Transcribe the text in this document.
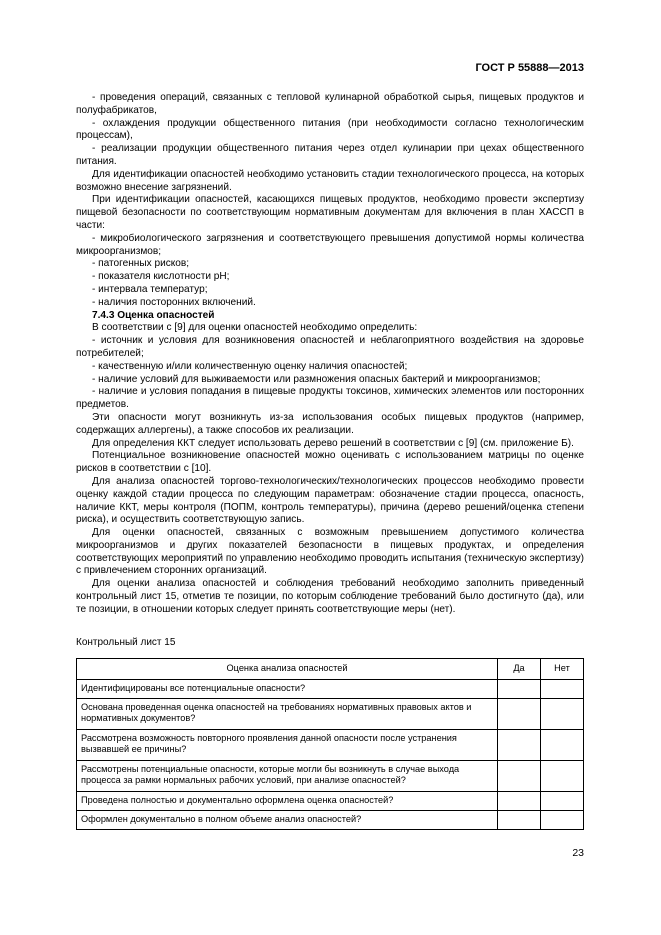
ГОСТ Р 55888—2013

- проведения операций, связанных с тепловой кулинарной обработкой сырья, пищевых продуктов и полуфабрикатов,

- охлаждения продукции общественного питания (при необходимости согласно технологическим процессам),

- реализации продукции общественного питания через отдел кулинарии при цехах общественного питания.

Для идентификации опасностей необходимо установить стадии технологического процесса, на которых возможно внесение загрязнений.

При идентификации опасностей, касающихся пищевых продуктов, необходимо провести экспертизу пищевой безопасности по соответствующим нормативным документам для включения в план ХАССП в части:

- микробиологического загрязнения и соответствующего превышения допустимой нормы количества микроорганизмов;

- патогенных рисков;

- показателя кислотности pH;

- интервала температур;

- наличия посторонних включений.

7.4.3 Оценка опасностей

В соответствии с [9] для оценки опасностей необходимо определить:

- источник и условия для возникновения опасностей и неблагоприятного воздействия на здоровье потребителей;

- качественную и/или количественную оценку наличия опасностей;

- наличие условий для выживаемости или размножения опасных бактерий и микроорганизмов;

- наличие и условия попадания в пищевые продукты токсинов, химических элементов или посторонних предметов.

Эти опасности могут возникнуть из-за использования особых пищевых продуктов (например, содержащих аллергены), а также способов их реализации.

Для определения ККТ следует использовать дерево решений в соответствии с [9] (см. приложение Б).

Потенциальное возникновение опасностей можно оценивать с использованием матрицы по оценке рисков в соответствии с [10].

Для анализа опасностей торгово-технологических/технологических процессов необходимо провести оценку каждой стадии процесса по следующим параметрам: обозначение стадии процесса, опасность, наличие ККТ, меры контроля (ПОПМ, контроль температуры), причина (дерево решений/оценка степени риска), и осуществить соответствующую запись.

Для оценки опасностей, связанных с возможным превышением допустимого количества микроорганизмов и других показателей безопасности в пищевых продуктах, и определения соответствующих мероприятий по управлению необходимо проводить испытания (техническую экспертизу) с привлечением сторонних организаций.

Для оценки анализа опасностей и соблюдения требований необходимо заполнить приведенный контрольный лист 15, отметив те позиции, по которым соблюдение требований было достигнуто (да), или те позиции, в отношении которых следует принять соответствующие меры (нет).

Контрольный лист 15

Оценка анализа опасностей	Да	Нет
Идентифицированы все потенциальные опасности?		
Основана проведенная оценка опасностей на требованиях нормативных правовых актов и нормативных документов?		
Рассмотрена возможность повторного проявления данной опасности после устранения вызвавшей ее причины?		
Рассмотрены потенциальные опасности, которые могли бы возникнуть в случае выхода процесса за рамки нормальных рабочих условий, при анализе опасностей?		
Проведена полностью и документально оформлена оценка опасностей?		
Оформлен документально в полном объеме анализ опасностей?		
23
